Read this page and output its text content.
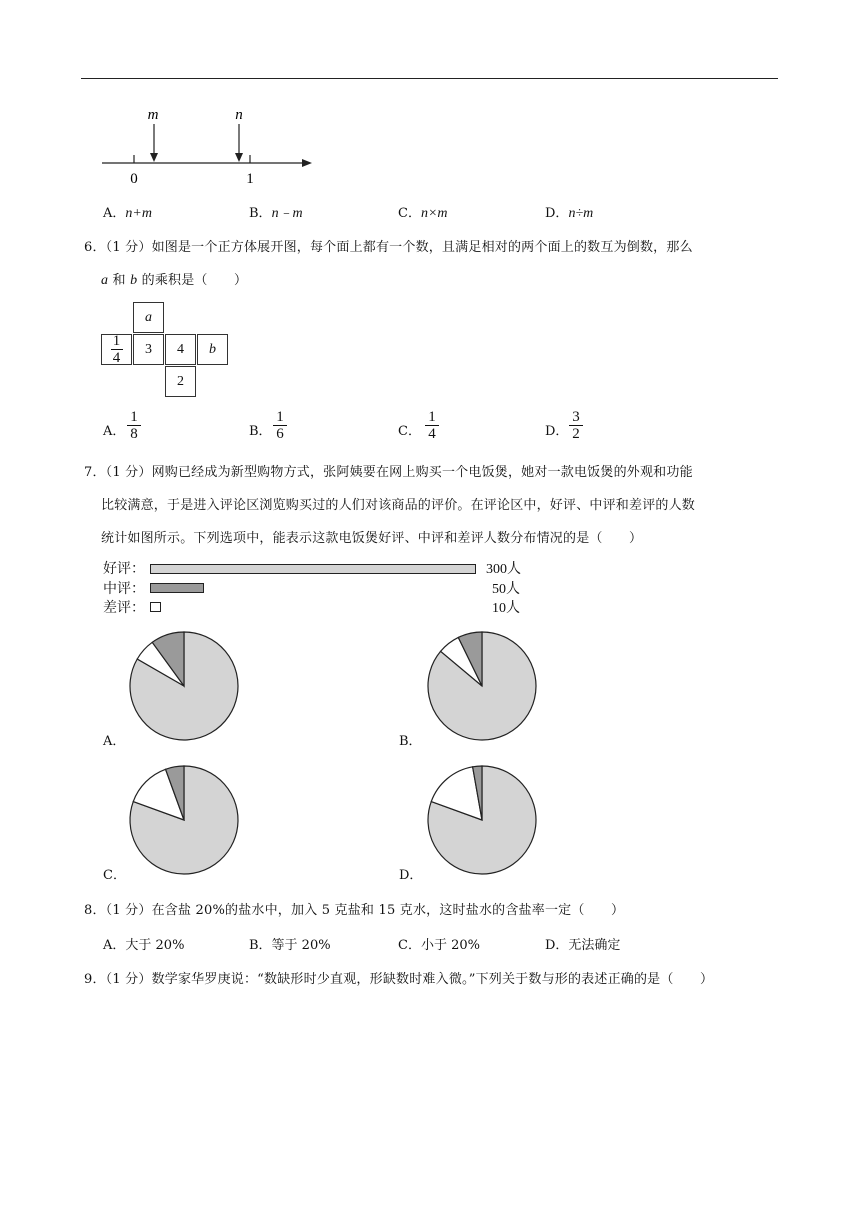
m	n
0	1
A．n+m	B．n﹣m	C．n×m	D．n÷m
6．（1 分）如图是一个正方体展开图，每个面上都有一个数，且满足相对的两个面上的数互为倒数，那么
a 和 b 的乘积是（　　）
a
$\frac{1}{4}$	3	4	b
2
A．
1
8	B．
1
6	C．
1
4	D．
3
2
7．（1 分）网购已经成为新型购物方式，张阿姨要在网上购买一个电饭煲，她对一款电饭煲的外观和功能
比较满意，于是进入评论区浏览购买过的人们对该商品的评价。在评论区中，好评、中评和差评的人数
统计如图所示。下列选项中，能表示这款电饭煲好评、中评和差评人数分布情况的是（　　）
好评：
中评：
差评：
300人
50人
10人
A．	B．
C．	D．
8．（1 分）在含盐 20%的盐水中，加入 5 克盐和 15 克水，这时盐水的含盐率一定（　　）
A．大于 20%	B．等于 20%	C．小于 20%	D．无法确定
9．（1 分）数学家华罗庚说：“数缺形时少直观，形缺数时难入微。”下列关于数与形的表述正确的是（　　）
